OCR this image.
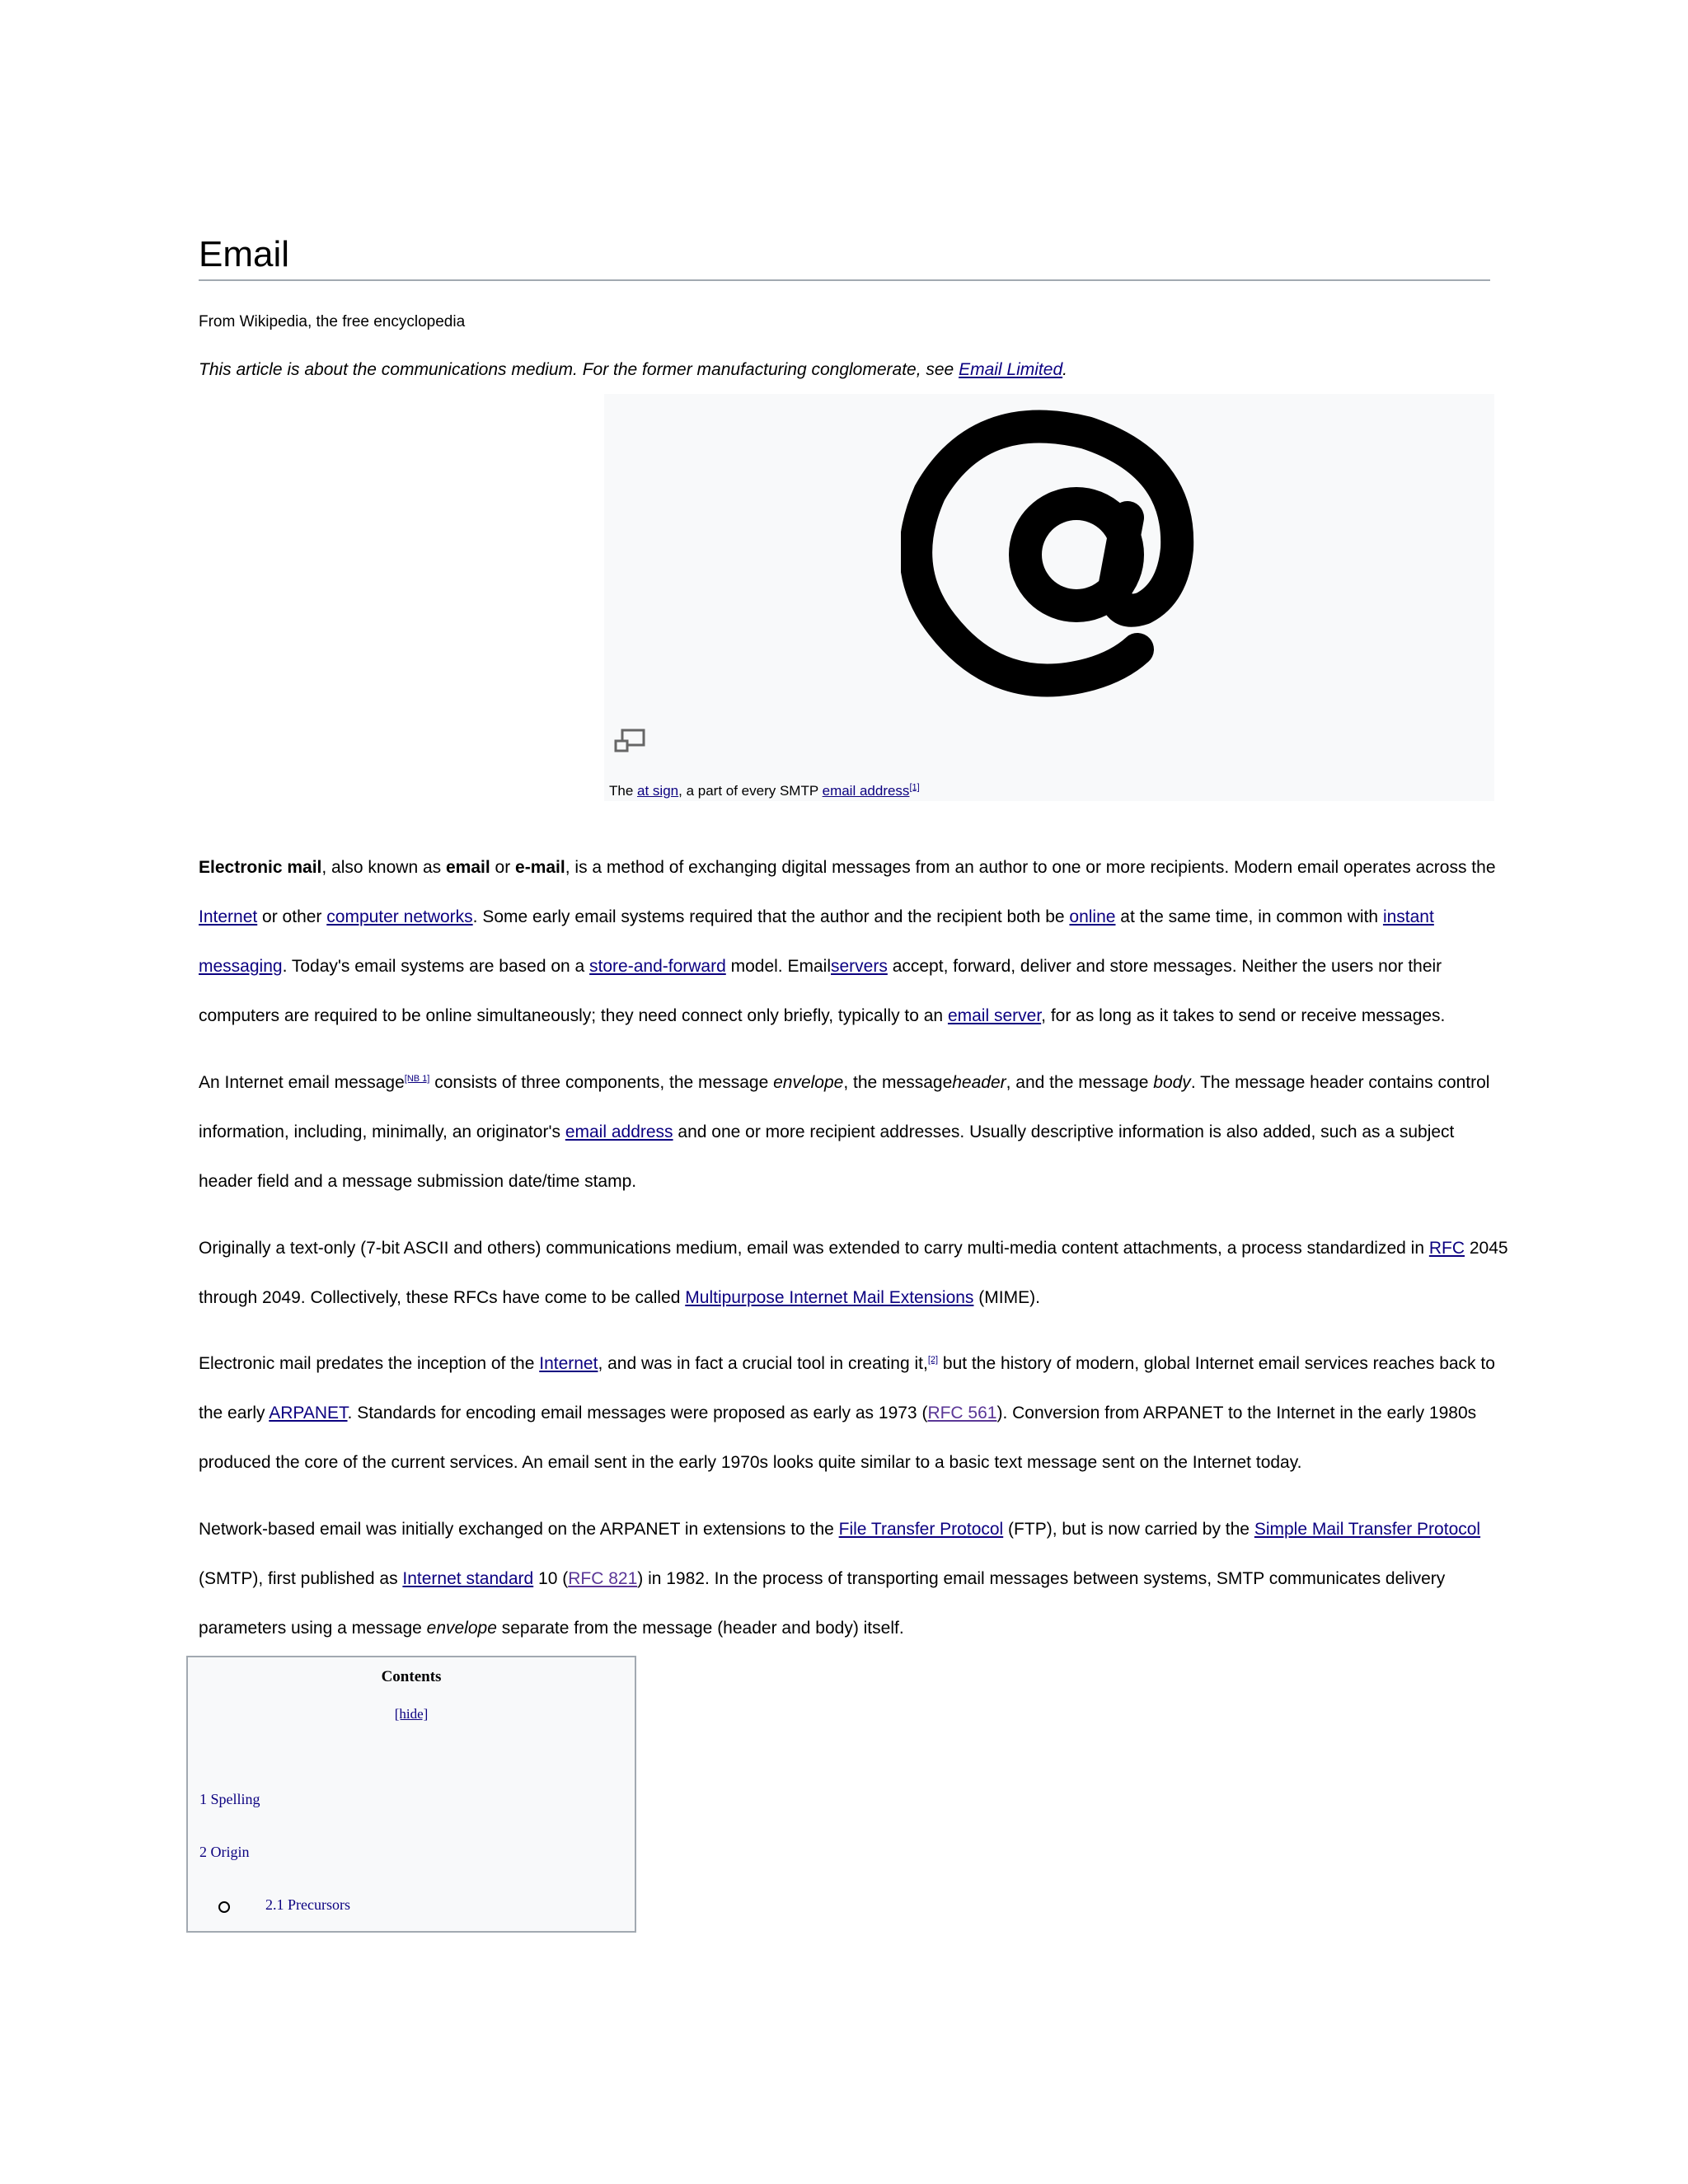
Email
From Wikipedia, the free encyclopedia
This article is about the communications medium. For the former manufacturing conglomerate, see Email Limited.
The at sign, a part of every SMTP email address[1]

Electronic mail, also known as email or e-mail, is a method of exchanging digital messages from an author to one or more recipients. Modern email operates across the Internet or other computer networks. Some early email systems required that the author and the recipient both be online at the same time, in common with instant messaging. Today's email systems are based on a store-and-forward model. Emailservers accept, forward, deliver and store messages. Neither the users nor their computers are required to be online simultaneously; they need connect only briefly, typically to an email server, for as long as it takes to send or receive messages.

An Internet email message[NB 1] consists of three components, the message envelope, the messageheader, and the message body. The message header contains control information, including, minimally, an originator's email address and one or more recipient addresses. Usually descriptive information is also added, such as a subject header field and a message submission date/time stamp.

Originally a text-only (7-bit ASCII and others) communications medium, email was extended to carry multi-media content attachments, a process standardized in RFC 2045 through 2049. Collectively, these RFCs have come to be called Multipurpose Internet Mail Extensions (MIME).

Electronic mail predates the inception of the Internet, and was in fact a crucial tool in creating it,[2] but the history of modern, global Internet email services reaches back to the early ARPANET. Standards for encoding email messages were proposed as early as 1973 (RFC 561). Conversion from ARPANET to the Internet in the early 1980s produced the core of the current services. An email sent in the early 1970s looks quite similar to a basic text message sent on the Internet today.

Network-based email was initially exchanged on the ARPANET in extensions to the File Transfer Protocol (FTP), but is now carried by the Simple Mail Transfer Protocol (SMTP), first published as Internet standard 10 (RFC 821) in 1982. In the process of transporting email messages between systems, SMTP communicates delivery parameters using a message envelope separate from the message (header and body) itself.

Contents
[hide]
1 Spelling
2 Origin
2.1 Precursors
